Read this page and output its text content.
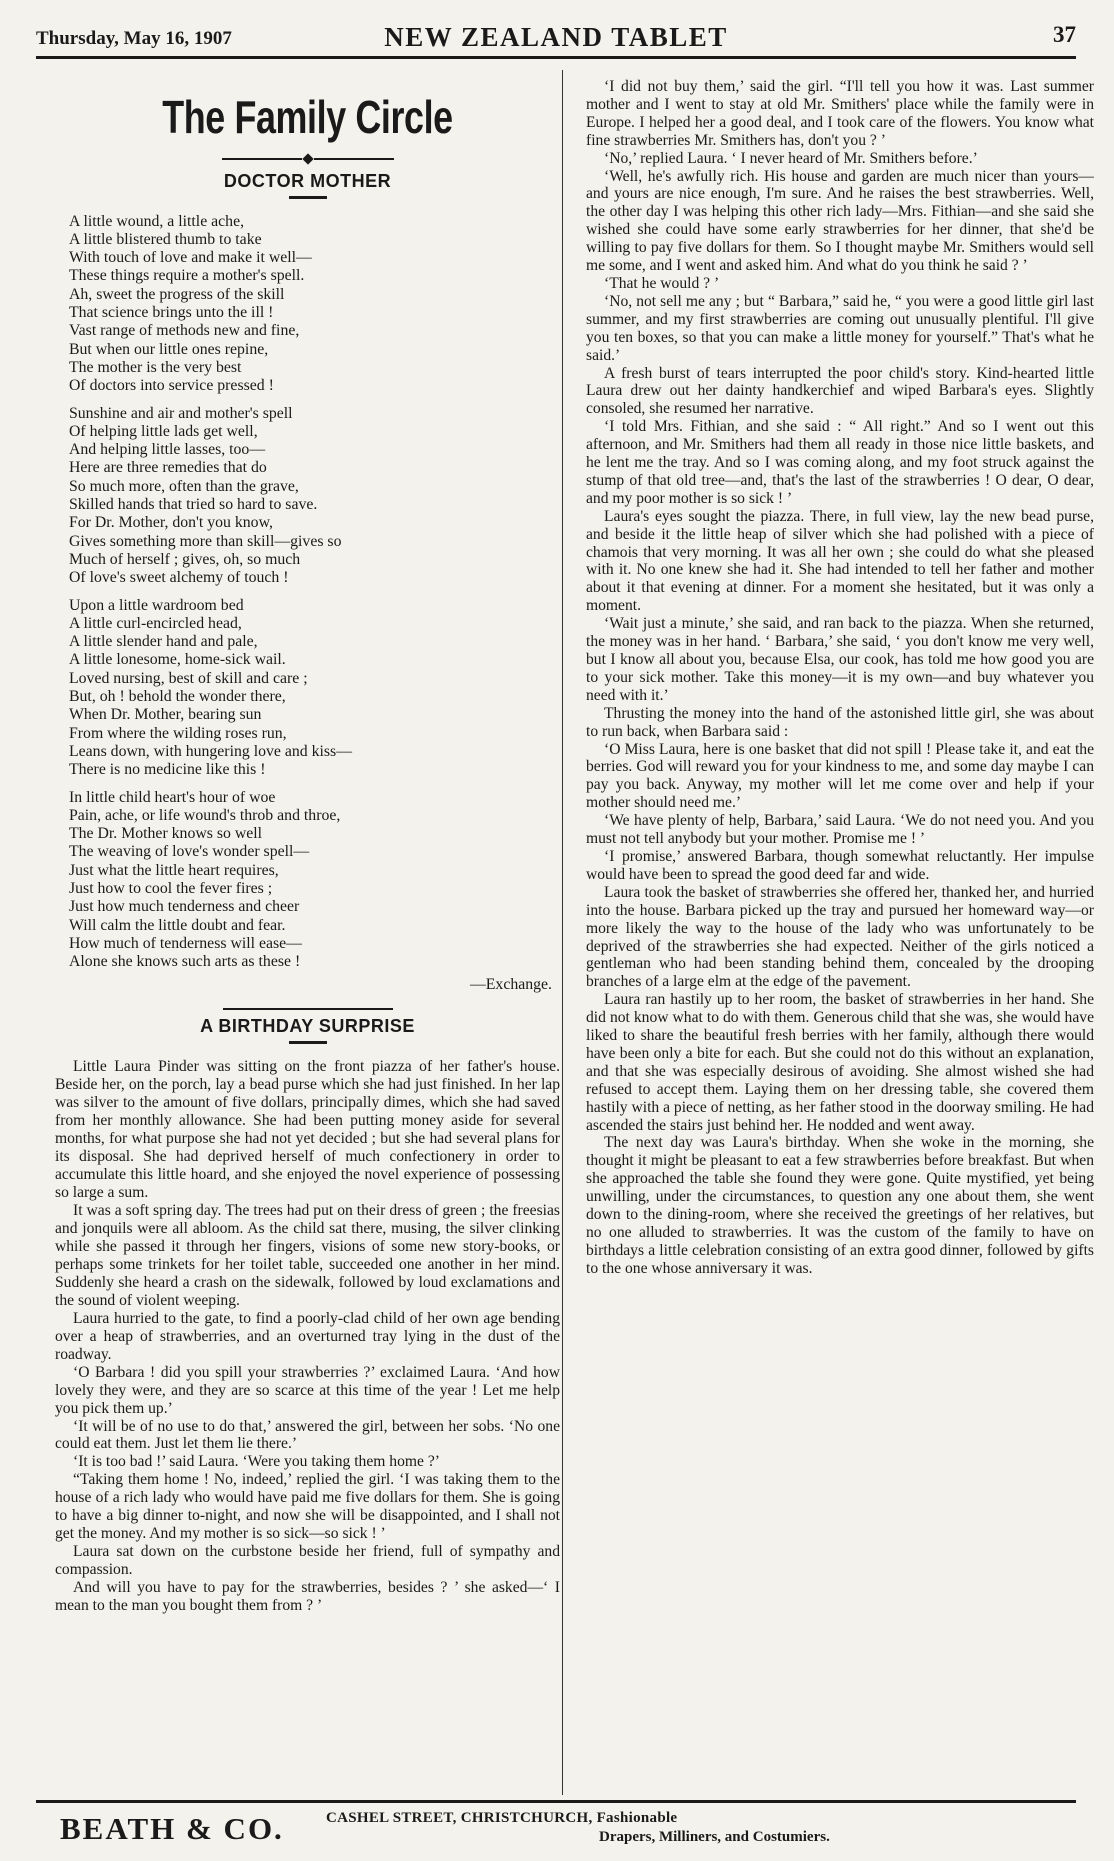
Thursday, May 16, 1907	NEW ZEALAND TABLET	37
The Family Circle
DOCTOR MOTHER
A little wound, a little ache,
A little blistered thumb to take
With touch of love and make it well—
These things require a mother's spell.
Ah, sweet the progress of the skill
That science brings unto the ill !
Vast range of methods new and fine,
But when our little ones repine,
The mother is the very best
Of doctors into service pressed !
Sunshine and air and mother's spell
Of helping little lads get well,
And helping little lasses, too—
Here are three remedies that do
So much more, often than the grave,
Skilled hands that tried so hard to save.
For Dr. Mother, don't you know,
Gives something more than skill—gives so
Much of herself ; gives, oh, so much
Of love's sweet alchemy of touch !
Upon a little wardroom bed
A little curl-encircled head,
A little slender hand and pale,
A little lonesome, home-sick wail.
Loved nursing, best of skill and care ;
But, oh ! behold the wonder there,
When Dr. Mother, bearing sun
From where the wilding roses run,
Leans down, with hungering love and kiss—
There is no medicine like this !
In little child heart's hour of woe
Pain, ache, or life wound's throb and throe,
The Dr. Mother knows so well
The weaving of love's wonder spell—
Just what the little heart requires,
Just how to cool the fever fires ;
Just how much tenderness and cheer
Will calm the little doubt and fear.
How much of tenderness will ease—
Alone she knows such arts as these !
—Exchange.
A BIRTHDAY SURPRISE

Little Laura Pinder was sitting on the front piazza of her father's house. Beside her, on the porch, lay a bead purse which she had just finished. In her lap was silver to the amount of five dollars, principally dimes, which she had saved from her monthly allowance. She had been putting money aside for several months, for what purpose she had not yet decided ; but she had several plans for its disposal. She had deprived herself of much confectionery in order to accumulate this little hoard, and she enjoyed the novel experience of possessing so large a sum.

It was a soft spring day. The trees had put on their dress of green ; the freesias and jonquils were all abloom. As the child sat there, musing, the silver clinking while she passed it through her fingers, visions of some new story-books, or perhaps some trinkets for her toilet table, succeeded one another in her mind. Suddenly she heard a crash on the sidewalk, followed by loud exclamations and the sound of violent weeping.

Laura hurried to the gate, to find a poorly-clad child of her own age bending over a heap of strawberries, and an overturned tray lying in the dust of the roadway.

‘O Barbara ! did you spill your strawberries ?’ exclaimed Laura. ‘And how lovely they were, and they are so scarce at this time of the year ! Let me help you pick them up.’

‘It will be of no use to do that,’ answered the girl, between her sobs. ‘No one could eat them. Just let them lie there.’

‘It is too bad !’ said Laura. ‘Were you taking them home ?’

“Taking them home ! No, indeed,’ replied the girl. ‘I was taking them to the house of a rich lady who would have paid me five dollars for them. She is going to have a big dinner to-night, and now she will be disappointed, and I shall not get the money. And my mother is so sick—so sick ! ’

Laura sat down on the curbstone beside her friend, full of sympathy and compassion.

And will you have to pay for the strawberries, besides ? ’ she asked—‘ I mean to the man you bought them from ? ’

‘I did not buy them,’ said the girl. “I'll tell you how it was. Last summer mother and I went to stay at old Mr. Smithers' place while the family were in Europe. I helped her a good deal, and I took care of the flowers. You know what fine strawberries Mr. Smithers has, don't you ? ’

‘No,’ replied Laura. ‘ I never heard of Mr. Smithers before.’

‘Well, he's awfully rich. His house and garden are much nicer than yours—and yours are nice enough, I'm sure. And he raises the best strawberries. Well, the other day I was helping this other rich lady—Mrs. Fithian—and she said she wished she could have some early strawberries for her dinner, that she'd be willing to pay five dollars for them. So I thought maybe Mr. Smithers would sell me some, and I went and asked him. And what do you think he said ? ’

‘That he would ? ’

‘No, not sell me any ; but “ Barbara,” said he, “ you were a good little girl last summer, and my first strawberries are coming out unusually plentiful. I'll give you ten boxes, so that you can make a little money for yourself.” That's what he said.’

A fresh burst of tears interrupted the poor child's story. Kind-hearted little Laura drew out her dainty handkerchief and wiped Barbara's eyes. Slightly consoled, she resumed her narrative.

‘I told Mrs. Fithian, and she said : “ All right.” And so I went out this afternoon, and Mr. Smithers had them all ready in those nice little baskets, and he lent me the tray. And so I was coming along, and my foot struck against the stump of that old tree—and, that's the last of the strawberries ! O dear, O dear, and my poor mother is so sick ! ’

Laura's eyes sought the piazza. There, in full view, lay the new bead purse, and beside it the little heap of silver which she had polished with a piece of chamois that very morning. It was all her own ; she could do what she pleased with it. No one knew she had it. She had intended to tell her father and mother about it that evening at dinner. For a moment she hesitated, but it was only a moment.

‘Wait just a minute,’ she said, and ran back to the piazza. When she returned, the money was in her hand. ‘ Barbara,’ she said, ‘ you don't know me very well, but I know all about you, because Elsa, our cook, has told me how good you are to your sick mother. Take this money—it is my own—and buy whatever you need with it.’

Thrusting the money into the hand of the astonished little girl, she was about to run back, when Barbara said :

‘O Miss Laura, here is one basket that did not spill ! Please take it, and eat the berries. God will reward you for your kindness to me, and some day maybe I can pay you back. Anyway, my mother will let me come over and help if your mother should need me.’

‘We have plenty of help, Barbara,’ said Laura. ‘We do not need you. And you must not tell anybody but your mother. Promise me ! ’

‘I promise,’ answered Barbara, though somewhat reluctantly. Her impulse would have been to spread the good deed far and wide.

Laura took the basket of strawberries she offered her, thanked her, and hurried into the house. Barbara picked up the tray and pursued her homeward way—or more likely the way to the house of the lady who was unfortunately to be deprived of the strawberries she had expected. Neither of the girls noticed a gentleman who had been standing behind them, concealed by the drooping branches of a large elm at the edge of the pavement.

Laura ran hastily up to her room, the basket of strawberries in her hand. She did not know what to do with them. Generous child that she was, she would have liked to share the beautiful fresh berries with her family, although there would have been only a bite for each. But she could not do this without an explanation, and that she was especially desirous of avoiding. She almost wished she had refused to accept them. Laying them on her dressing table, she covered them hastily with a piece of netting, as her father stood in the doorway smiling. He had ascended the stairs just behind her. He nodded and went away.

The next day was Laura's birthday. When she woke in the morning, she thought it might be pleasant to eat a few strawberries before breakfast. But when she approached the table she found they were gone. Quite mystified, yet being unwilling, under the circumstances, to question any one about them, she went down to the dining-room, where she received the greetings of her relatives, but no one alluded to strawberries. It was the custom of the family to have on birthdays a little celebration consisting of an extra good dinner, followed by gifts to the one whose anniversary it was.

BEATH & CO.	CASHEL STREET, CHRISTCHURCH, Fashionable
Drapers, Milliners, and Costumiers.
